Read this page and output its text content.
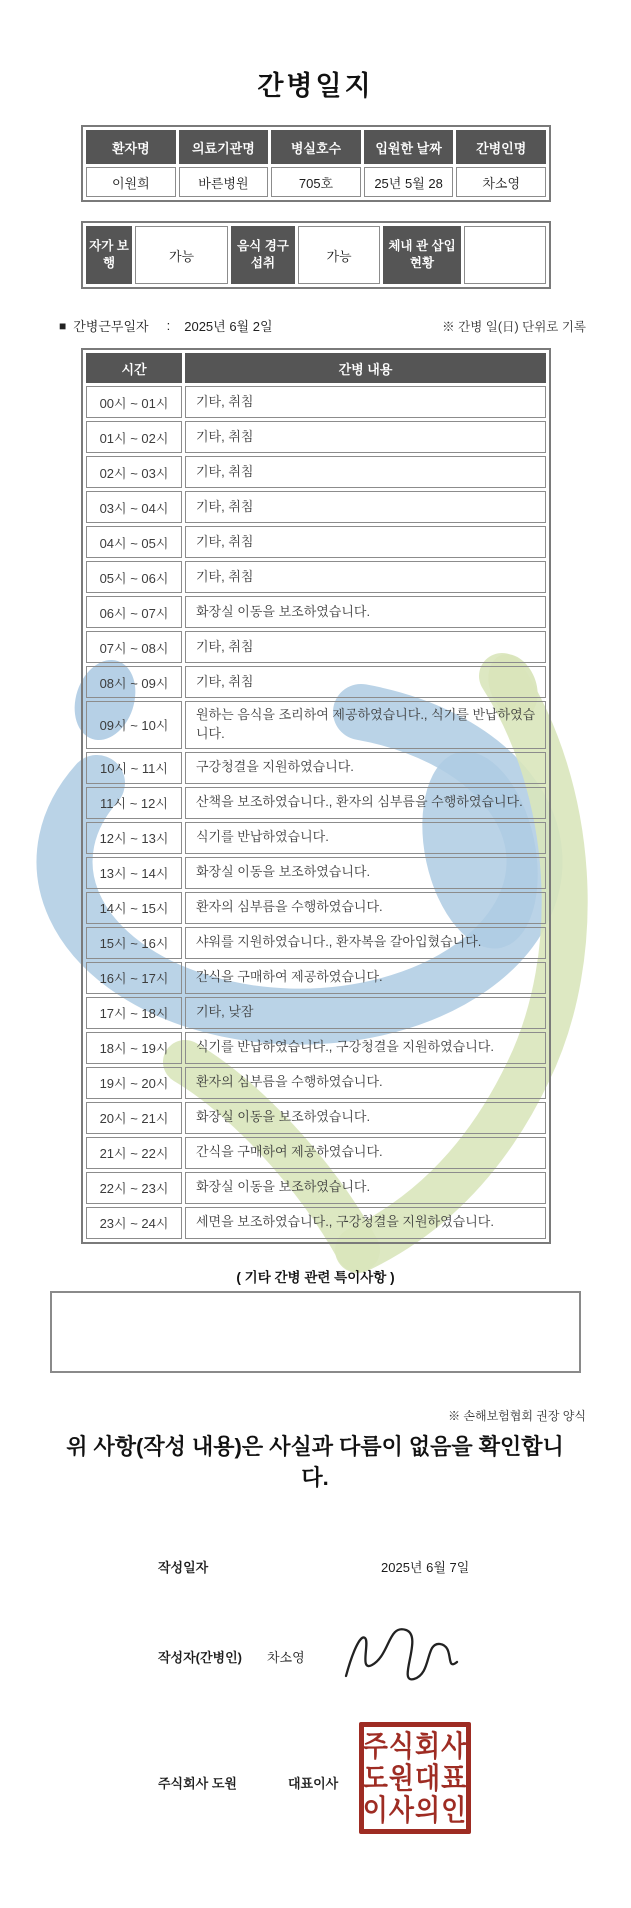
간병일지
환자명	의료기관명	병실호수	입원한 날짜	간병인명
이원희	바른병원	705호	25년 5월 28	차소영
자가 보행	가능	음식 경구 섭취	가능	체내 관 삽입 현황	
■ 간병근무일자 : 2025년 6월 2일	※ 간병 일(日) 단위로 기록
시간	간병 내용
00시 ~ 01시	기타, 취침
01시 ~ 02시	기타, 취침
02시 ~ 03시	기타, 취침
03시 ~ 04시	기타, 취침
04시 ~ 05시	기타, 취침
05시 ~ 06시	기타, 취침
06시 ~ 07시	화장실 이동을 보조하였습니다.
07시 ~ 08시	기타, 취침
08시 ~ 09시	기타, 취침
09시 ~ 10시	원하는 음식을 조리하여 제공하였습니다., 식기를 반납하였습니다.
10시 ~ 11시	구강청결을 지원하였습니다.
11시 ~ 12시	산책을 보조하였습니다., 환자의 심부름을 수행하였습니다.
12시 ~ 13시	식기를 반납하였습니다.
13시 ~ 14시	화장실 이동을 보조하였습니다.
14시 ~ 15시	환자의 심부름을 수행하였습니다.
15시 ~ 16시	샤워를 지원하였습니다., 환자복을 갈아입혔습니다.
16시 ~ 17시	간식을 구매하여 제공하였습니다.
17시 ~ 18시	기타, 낮잠
18시 ~ 19시	식기를 반납하였습니다., 구강청결을 지원하였습니다.
19시 ~ 20시	환자의 심부름을 수행하였습니다.
20시 ~ 21시	화장실 이동을 보조하였습니다.
21시 ~ 22시	간식을 구매하여 제공하였습니다.
22시 ~ 23시	화장실 이동을 보조하였습니다.
23시 ~ 24시	세면을 보조하였습니다., 구강청결을 지원하였습니다.
( 기타 간병 관련 특이사항 )
※ 손해보험협회 권장 양식
위 사항(작성 내용)은 사실과 다름이 없음을 확인합니다.
작성일자	2025년 6월 7일
작성자(간병인) 차소영
주식회사 도원	대표이사
주식회사
도원대표
이사의인
